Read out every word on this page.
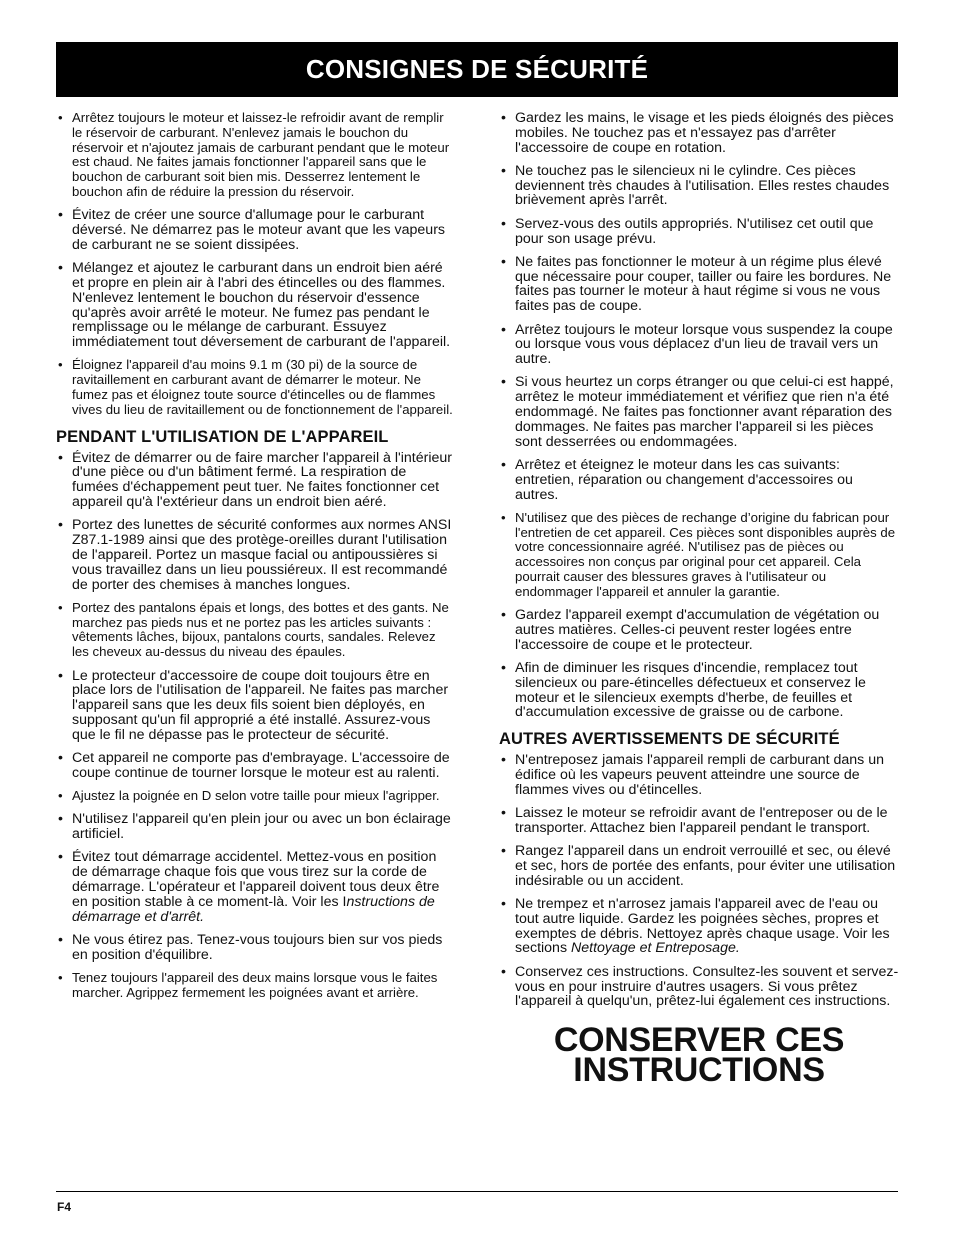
CONSIGNES DE SÉCURITÉ
• Arrêtez toujours le moteur et laissez-le refroidir avant de remplir le réservoir de carburant. N'enlevez jamais le bouchon du réservoir et n'ajoutez jamais de carburant pendant que le moteur est chaud. Ne faites jamais fonctionner l'appareil sans que le bouchon de carburant soit bien mis. Desserrez lentement le bouchon afin de réduire la pression du réservoir.
• Évitez de créer une source d'allumage pour le carburant déversé. Ne démarrez pas le moteur avant que les vapeurs de carburant ne se soient dissipées.
• Mélangez et ajoutez le carburant dans un endroit bien aéré et propre en plein air à l'abri des étincelles ou des flammes. N'enlevez lentement le bouchon du réservoir d'essence qu'après avoir arrêté le moteur. Ne fumez pas pendant le remplissage ou le mélange de carburant. Essuyez immédiatement tout déversement de carburant de l'appareil.
• Éloignez l'appareil d'au moins 9.1 m (30 pi) de la source de ravitaillement en carburant avant de démarrer le moteur. Ne fumez pas et éloignez toute source d'étincelles ou de flammes vives du lieu de ravitaillement ou de fonctionnement de l'appareil.
PENDANT L'UTILISATION DE L'APPAREIL
• Évitez de démarrer ou de faire marcher l'appareil à l'intérieur d'une pièce ou d'un bâtiment fermé. La respiration de fumées d'échappement peut tuer. Ne faites fonctionner cet appareil qu'à l'extérieur dans un endroit bien aéré.
• Portez des lunettes de sécurité conformes aux normes ANSI Z87.1-1989 ainsi que des protège-oreilles durant l'utilisation de l'appareil. Portez un masque facial ou antipoussières si vous travaillez dans un lieu poussiéreux. Il est recommandé de porter des chemises à manches longues.
• Portez des pantalons épais et longs, des bottes et des gants. Ne marchez pas pieds nus et ne portez pas les articles suivants : vêtements lâches, bijoux, pantalons courts, sandales. Relevez les cheveux au-dessus du niveau des épaules.
• Le protecteur d'accessoire de coupe doit toujours être en place lors de l'utilisation de l'appareil. Ne faites pas marcher l'appareil sans que les deux fils soient bien déployés, en supposant qu'un fil approprié a été installé. Assurez-vous que le fil ne dépasse pas le protecteur de sécurité.
• Cet appareil ne comporte pas d'embrayage. L'accessoire de coupe continue de tourner lorsque le moteur est au ralenti.
• Ajustez la poignée en D selon votre taille pour mieux l'agripper.
• N'utilisez l'appareil qu'en plein jour ou avec un bon éclairage artificiel.
• Évitez tout démarrage accidentel. Mettez-vous en position de démarrage chaque fois que vous tirez sur la corde de démarrage. L'opérateur et l'appareil doivent tous deux être en position stable à ce moment-là. Voir les Instructions de démarrage et d'arrêt.
• Ne vous étirez pas. Tenez-vous toujours bien sur vos pieds en position d'équilibre.
• Tenez toujours l'appareil des deux mains lorsque vous le faites marcher. Agrippez fermement les poignées avant et arrière.
• Gardez les mains, le visage et les pieds éloignés des pièces mobiles. Ne touchez pas et n'essayez pas d'arrêter l'accessoire de coupe en rotation.
• Ne touchez pas le silencieux ni le cylindre. Ces pièces deviennent très chaudes à l'utilisation. Elles restes chaudes brièvement après l'arrêt.
• Servez-vous des outils appropriés. N'utilisez cet outil que pour son usage prévu.
• Ne faites pas fonctionner le moteur à un régime plus élevé que nécessaire pour couper, tailler ou faire les bordures. Ne faites pas tourner le moteur à haut régime si vous ne vous faites pas de coupe.
• Arrêtez toujours le moteur lorsque vous suspendez la coupe ou lorsque vous vous déplacez d'un lieu de travail vers un autre.
• Si vous heurtez un corps étranger ou que celui-ci est happé, arrêtez le moteur immédiatement et vérifiez que rien n'a été endommagé. Ne faites pas fonctionner avant réparation des dommages. Ne faites pas marcher l'appareil si les pièces sont desserrées ou endommagées.
• Arrêtez et éteignez le moteur dans les cas suivants: entretien, réparation ou changement d'accessoires ou autres.
• N'utilisez que des pièces de rechange d’origine du fabrican pour l'entretien de cet appareil. Ces pièces sont disponibles auprès de votre concessionnaire agréé. N'utilisez pas de pièces ou accessoires non conçus par original pour cet appareil. Cela pourrait causer des blessures graves à l'utilisateur ou endommager l'appareil et annuler la garantie.
• Gardez l'appareil exempt d'accumulation de végétation ou autres matières. Celles-ci peuvent rester logées entre l'accessoire de coupe et le protecteur.
• Afin de diminuer les risques d'incendie, remplacez tout silencieux ou pare-étincelles défectueux et conservez le moteur et le silencieux exempts d'herbe, de feuilles et d'accumulation excessive de graisse ou de carbone.
AUTRES AVERTISSEMENTS DE SÉCURITÉ
• N'entreposez jamais l'appareil rempli de carburant dans un édifice où les vapeurs peuvent atteindre une source de flammes vives ou d'étincelles.
• Laissez le moteur se refroidir avant de l'entreposer ou de le transporter. Attachez bien l'appareil pendant le transport.
• Rangez l'appareil dans un endroit verrouillé et sec, ou élevé et sec, hors de portée des enfants, pour éviter une utilisation indésirable ou un accident.
• Ne trempez et n'arrosez jamais l'appareil avec de l'eau ou tout autre liquide. Gardez les poignées sèches, propres et exemptes de débris. Nettoyez après chaque usage. Voir les sections Nettoyage et Entreposage.
• Conservez ces instructions. Consultez-les souvent et servez-vous en pour instruire d'autres usagers. Si vous prêtez l'appareil à quelqu'un, prêtez-lui également ces instructions.
CONSERVER CES
INSTRUCTIONS
F4
